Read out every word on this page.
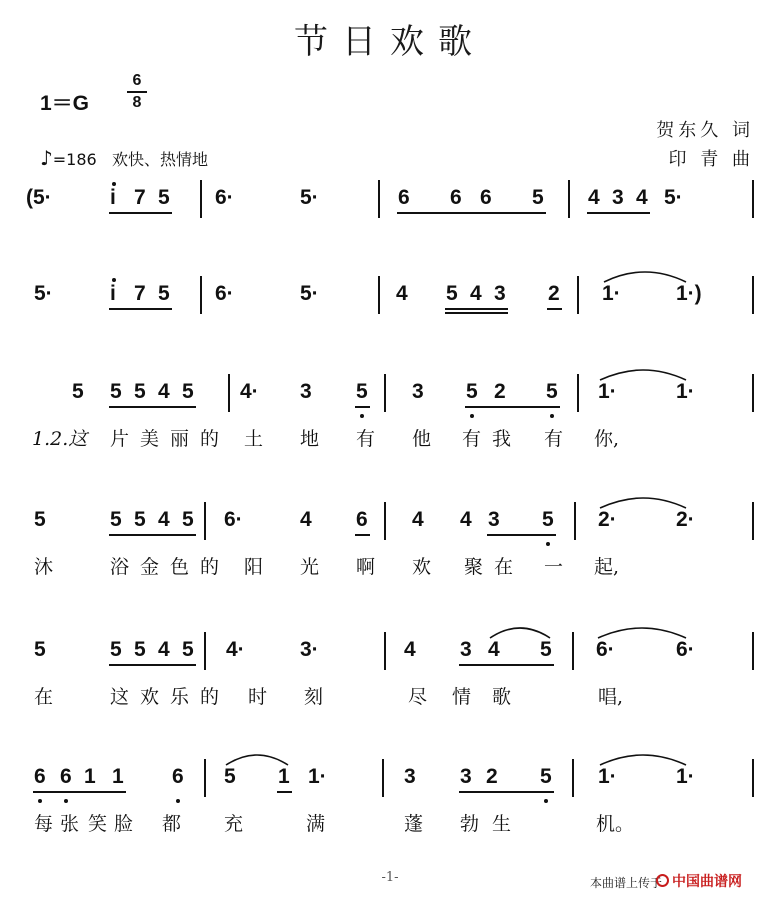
节日欢歌
1＝G
6
8
♪=186 欢快、热情地
贺东久 词
印 青 曲
(5·	i 7 5 6·	5·	6 6 6 5 4 3 4 5·
5·	i 7 5 6·	5·	4 5 4 3 2 1·	1·)
5 5 5 4 5 4· 3 5 3 5 2 5 1·	1·
1.2.这 片 美 丽 的 土 地 有 他 有 我 有 你,
5	5 5 4 5 6·	4 6 4 4 3 5 2·	2·
沐	浴 金 色 的 阳 光 啊 欢 聚 在 一 起,
5	5 5 4 5 4·	3·	4 3 4 5 6·	6·
在	这 欢 乐 的 时 刻	尽 情 歌	唱,
6 6 1 1 6 5 1 1·	3 3 2 5 1·	1·
每 张 笑 脸 都 充	满	蓬 勃 生	机。
-1-	本曲谱上传于 中国曲谱网
